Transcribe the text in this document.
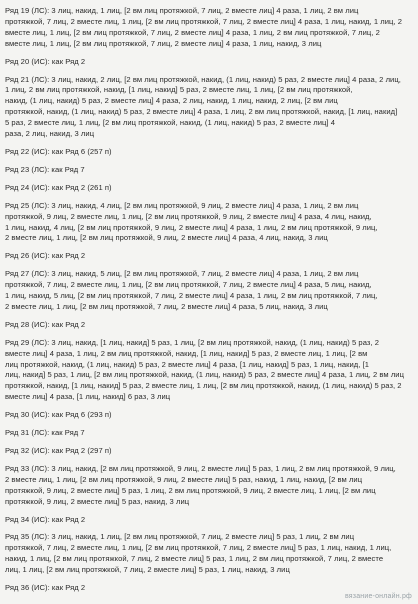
Ряд 19 (ЛС): 3 лиц, накид, 1 лиц, [2 вм лиц протяжкой, 7 лиц, 2 вместе лиц] 4 раза, 1 лиц, 2 вм лиц
протяжкой, 7 лиц, 2 вместе лиц, 1 лиц, [2 вм лиц протяжкой, 7 лиц, 2 вместе лиц] 4 раза, 1 лиц, накид, 1 лиц, 2
вместе лиц, 1 лиц, [2 вм лиц протяжкой, 7 лиц, 2 вместе лиц] 4 раза, 1 лиц, 2 вм лиц протяжкой, 7 лиц, 2
вместе лиц, 1 лиц, [2 вм лиц протяжкой, 7 лиц, 2 вместе лиц] 4 раза, 1 лиц, накид, 3 лиц
Ряд 20 (ИС): как Ряд 2
Ряд 21 (ЛС): 3 лиц, накид, 2 лиц, [2 вм лиц протяжкой, накид, (1 лиц, накид) 5 раз, 2 вместе лиц] 4 раза, 2 лиц,
1 лиц, 2 вм лиц протяжкой, накид, [1 лиц, накид] 5 раз, 2 вместе лиц, 1 лиц, [2 вм лиц протяжкой,
накид, (1 лиц, накид) 5 раз, 2 вместе лиц] 4 раза, 2 лиц, накид, 1 лиц, накид, 2 лиц, [2 вм лиц
протяжкой, накид, (1 лиц, накид) 5 раз, 2 вместе лиц] 4 раза, 1 лиц, 2 вм лиц протяжкой, накид, [1 лиц, накид]
5 раз, 2 вместе лиц, 1 лиц, [2 вм лиц протяжкой, накид, (1 лиц, накид) 5 раз, 2 вместе лиц] 4
раза, 2 лиц, накид, 3 лиц
Ряд 22 (ИС): как Ряд 6 (257 п)
Ряд 23 (ЛС): как Ряд 7
Ряд 24 (ИС): как Ряд 2 (261 п)
Ряд 25 (ЛС): 3 лиц, накид, 4 лиц, [2 вм лиц протяжкой, 9 лиц, 2 вместе лиц] 4 раза, 1 лиц, 2 вм лиц
протяжкой, 9 лиц, 2 вместе лиц, 1 лиц, [2 вм лиц протяжкой, 9 лиц, 2 вместе лиц] 4 раза, 4 лиц, накид,
1 лиц, накид, 4 лиц, [2 вм лиц протяжкой, 9 лиц, 2 вместе лиц] 4 раза, 1 лиц, 2 вм лиц протяжкой, 9 лиц,
2 вместе лиц, 1 лиц, [2 вм лиц протяжкой, 9 лиц, 2 вместе лиц] 4 раза, 4 лиц, накид, 3 лиц
Ряд 26 (ИС): как Ряд 2
Ряд 27 (ЛС): 3 лиц, накид, 5 лиц, [2 вм лиц протяжкой, 7 лиц, 2 вместе лиц] 4 раза, 1 лиц, 2 вм лиц
протяжкой, 7 лиц, 2 вместе лиц, 1 лиц, [2 вм лиц протяжкой, 7 лиц, 2 вместе лиц] 4 раза, 5 лиц, накид,
1 лиц, накид, 5 лиц, [2 вм лиц протяжкой, 7 лиц, 2 вместе лиц] 4 раза, 1 лиц, 2 вм лиц протяжкой, 7 лиц,
2 вместе лиц, 1 лиц, [2 вм лиц протяжкой, 7 лиц, 2 вместе лиц] 4 раза, 5 лиц, накид, 3 лиц
Ряд 28 (ИС): как Ряд 2
Ряд 29 (ЛС): 3 лиц, накид, [1 лиц, накид] 5 раз, 1 лиц, [2 вм лиц протяжкой, накид, (1 лиц, накид) 5 раз, 2
вместе лиц] 4 раза, 1 лиц, 2 вм лиц протяжкой, накид, [1 лиц, накид] 5 раз, 2 вместе лиц, 1 лиц, [2 вм
лиц протяжкой, накид, (1 лиц, накид) 5 раз, 2 вместе лиц] 4 раза, [1 лиц, накид] 5 раз, 1 лиц, накид, [1
лиц, накид] 5 раз, 1 лиц, [2 вм лиц протяжкой, накид, (1 лиц, накид) 5 раз, 2 вместе лиц] 4 раза, 1 лиц, 2 вм лиц
протяжкой, накид, [1 лиц, накид] 5 раз, 2 вместе лиц, 1 лиц, [2 вм лиц протяжкой, накид, (1 лиц, накид) 5 раз, 2
вместе лиц] 4 раза, [1 лиц, накид] 6 раз, 3 лиц
Ряд 30 (ИС): как Ряд 6 (293 п)
Ряд 31 (ЛС): как Ряд 7
Ряд 32 (ИС): как Ряд 2 (297 п)
Ряд 33 (ЛС): 3 лиц, накид, [2 вм лиц протяжкой, 9 лиц, 2 вместе лиц] 5 раз, 1 лиц, 2 вм лиц протяжкой, 9 лиц,
2 вместе лиц, 1 лиц, [2 вм лиц протяжкой, 9 лиц, 2 вместе лиц] 5 раз, накид, 1 лиц, накид, [2 вм лиц
протяжкой, 9 лиц, 2 вместе лиц] 5 раз, 1 лиц, 2 вм лиц протяжкой, 9 лиц, 2 вместе лиц, 1 лиц, [2 вм лиц
протяжкой, 9 лиц, 2 вместе лиц] 5 раз, накид, 3 лиц
Ряд 34 (ИС): как Ряд 2
Ряд 35 (ЛС): 3 лиц, накид, 1 лиц, [2 вм лиц протяжкой, 7 лиц, 2 вместе лиц] 5 раз, 1 лиц, 2 вм лиц
протяжкой, 7 лиц, 2 вместе лиц, 1 лиц, [2 вм лиц протяжкой, 7 лиц, 2 вместе лиц] 5 раз, 1 лиц, накид, 1 лиц,
накид, 1 лиц, [2 вм лиц протяжкой, 7 лиц, 2 вместе лиц] 5 раз, 1 лиц, 2 вм лиц протяжкой, 7 лиц, 2 вместе
лиц, 1 лиц, [2 вм лиц протяжкой, 7 лиц, 2 вместе лиц] 5 раз, 1 лиц, накид, 3 лиц
Ряд 36 (ИС): как Ряд 2
вязание-онлайн.рф
